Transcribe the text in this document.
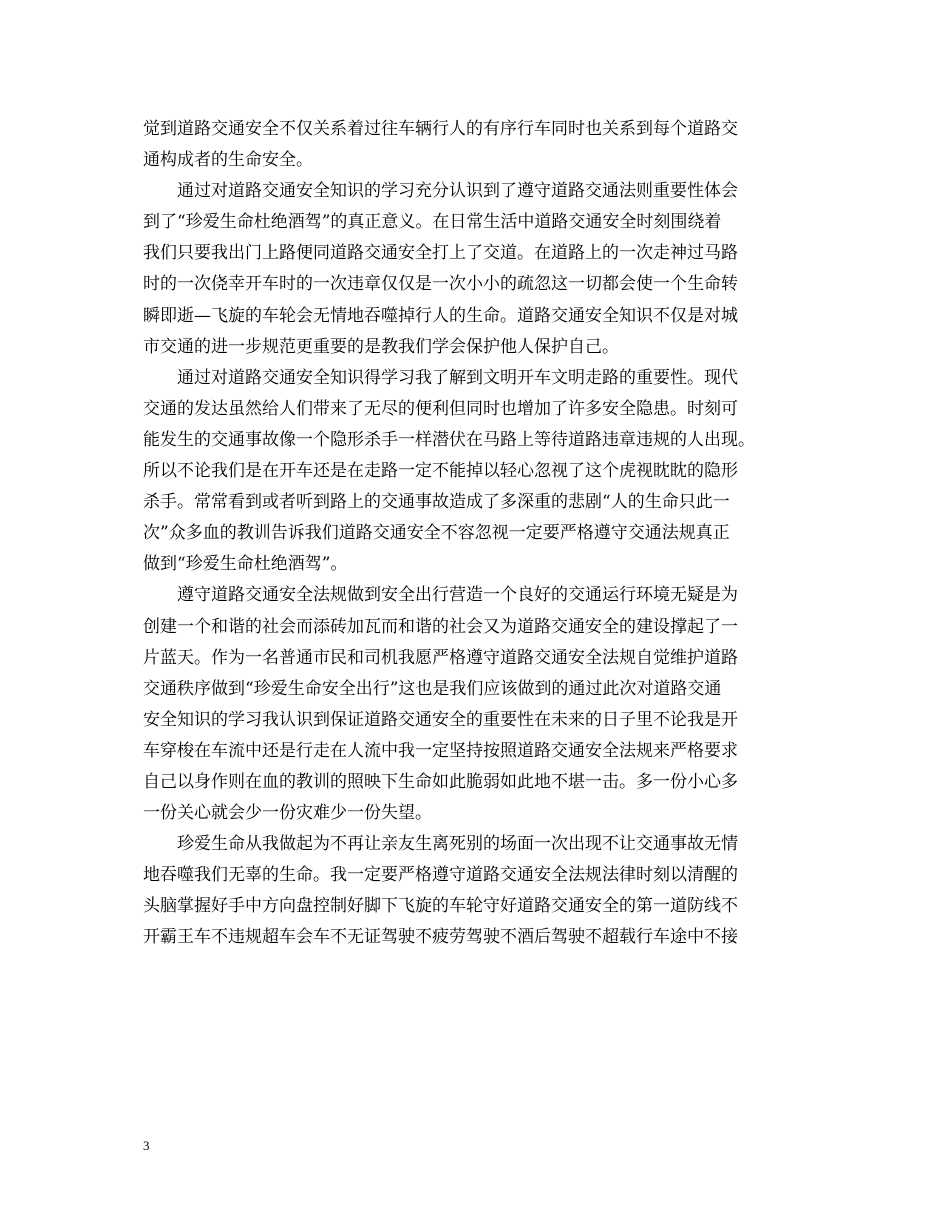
觉到道路交通安全不仅关系着过往车辆行人的有序行车同时也关系到每个道路交
通构成者的生命安全。
　　通过对道路交通安全知识的学习充分认识到了遵守道路交通法则重要性体会
到了“珍爱生命杜绝酒驾”的真正意义。在日常生活中道路交通安全时刻围绕着
我们只要我出门上路便同道路交通安全打上了交道。在道路上的一次走神过马路
时的一次侥幸开车时的一次违章仅仅是一次小小的疏忽这一切都会使一个生命转
瞬即逝—飞旋的车轮会无情地吞噬掉行人的生命。道路交通安全知识不仅是对城
市交通的进一步规范更重要的是教我们学会保护他人保护自己。
　　通过对道路交通安全知识得学习我了解到文明开车文明走路的重要性。现代
交通的发达虽然给人们带来了无尽的便利但同时也增加了许多安全隐患。时刻可
能发生的交通事故像一个隐形杀手一样潜伏在马路上等待道路违章违规的人出现。
所以不论我们是在开车还是在走路一定不能掉以轻心忽视了这个虎视眈眈的隐形
杀手。常常看到或者听到路上的交通事故造成了多深重的悲剧“人的生命只此一
次”众多血的教训告诉我们道路交通安全不容忽视一定要严格遵守交通法规真正
做到“珍爱生命杜绝酒驾”。
　　遵守道路交通安全法规做到安全出行营造一个良好的交通运行环境无疑是为
创建一个和谐的社会而添砖加瓦而和谐的社会又为道路交通安全的建设撑起了一
片蓝天。作为一名普通市民和司机我愿严格遵守道路交通安全法规自觉维护道路
交通秩序做到“珍爱生命安全出行”这也是我们应该做到的通过此次对道路交通
安全知识的学习我认识到保证道路交通安全的重要性在未来的日子里不论我是开
车穿梭在车流中还是行走在人流中我一定坚持按照道路交通安全法规来严格要求
自己以身作则在血的教训的照映下生命如此脆弱如此地不堪一击。多一份小心多
一份关心就会少一份灾难少一份失望。
　　珍爱生命从我做起为不再让亲友生离死别的场面一次出现不让交通事故无情
地吞噬我们无辜的生命。我一定要严格遵守道路交通安全法规法律时刻以清醒的
头脑掌握好手中方向盘控制好脚下飞旋的车轮守好道路交通安全的第一道防线不
开霸王车不违规超车会车不无证驾驶不疲劳驾驶不酒后驾驶不超载行车途中不接
3
